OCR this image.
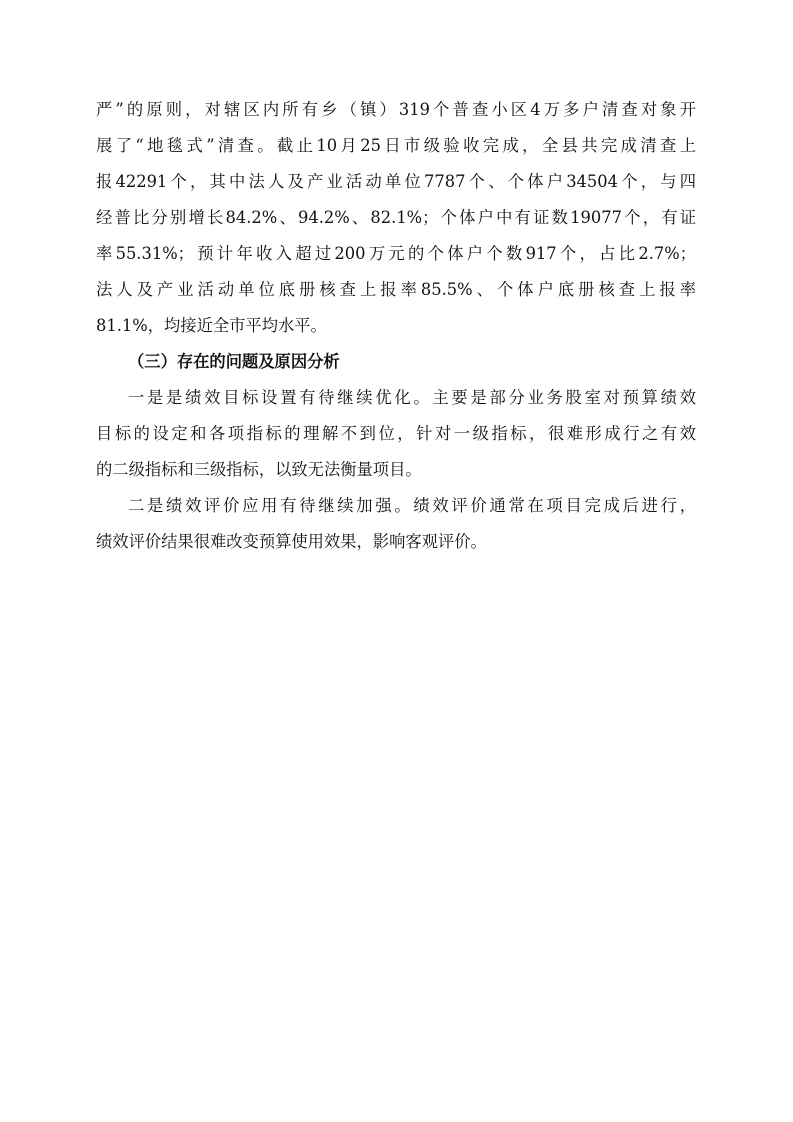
严”的原则，对辖区内所有乡（镇）319个普查小区4万多户清查对象开
展了“地毯式”清查。截止10月25日市级验收完成，全县共完成清查上
报42291个，其中法人及产业活动单位7787个、个体户34504个，与四
经普比分别增长84.2%、94.2%、82.1%；个体户中有证数19077个，有证
率55.31%；预计年收入超过200万元的个体户个数917个，占比2.7%；
法人及产业活动单位底册核查上报率85.5%、个体户底册核查上报率
81.1%，均接近全市平均水平。
（三）存在的问题及原因分析
一是是绩效目标设置有待继续优化。主要是部分业务股室对预算绩效
目标的设定和各项指标的理解不到位，针对一级指标，很难形成行之有效
的二级指标和三级指标，以致无法衡量项目。
二是绩效评价应用有待继续加强。绩效评价通常在项目完成后进行，
绩效评价结果很难改变预算使用效果，影响客观评价。
